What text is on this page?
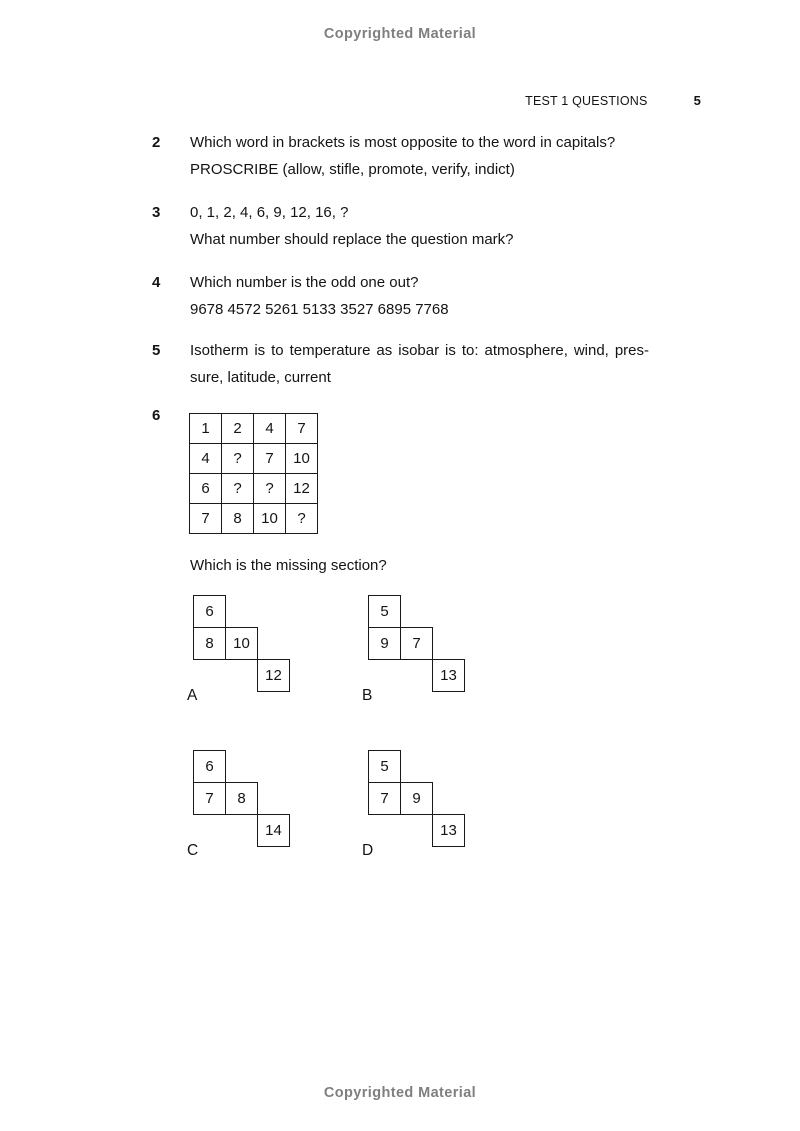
Copyrighted Material
TEST 1 QUESTIONS	5
2	Which word in brackets is most opposite to the word in capitals?
PROSCRIBE (allow, stifle, promote, verify, indict)
3	0, 1, 2, 4, 6, 9, 12, 16, ?
What number should replace the question mark?
4	Which number is the odd one out?
9678 4572 5261 5133 3527 6895 7768
5	Isotherm is to temperature as isobar is to: atmosphere, wind, pres-
sure, latitude, current
6
1	2	4	7
4	?	7	10
6	?	?	12
7	8	10	?
Which is the missing section?
6
8	10
12
A
5
9	7
13
B
6
7	8
14
C
5
7	9
13
D
Copyrighted Material
